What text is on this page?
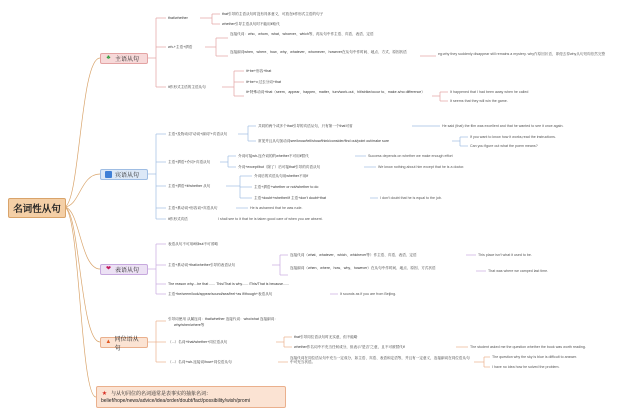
名词性从句
♣ 主语从句
宾语从句
❤ 表语从句
▲ 同位语从句
★ 与从句同位的名词通常是表事实的抽象名词：
belief/hope/news/advice/idea/order/doubt/fact/possibility/wish/promi
that/whether
that引导的主语从句时没有具体意义，可放在it作形式主语的句子
whether引导主语从句时不能用if取代
wh-+主语+谓语
连接代词：who、whom、what、whoever、which等，再从句中作主语、宾语、表语、定语
连接副词when、where、how、why、whatever、whomever、however在从句中作时间、地点、方式、原因状语	eg:why they suddenly disappear still remains a mystery. why作原因状语，即便去掉why从句短构依然完整
it作形式主语的主语从句
it+be+形容+that
it+be+v.过去分词+that
it+特殊动词+that（seem、appear、happen、matter、turn/work-out、hit/strike/occur to、make a/no difference）	It happened that I had been away when he called
It seems that they will win the game.
主语+及物动词"动词+副词"+宾语从句
共同的两个或多个that引导的宾语从句，只有第一个that可省	He said (that) the film was excellent and that he wanted to see it once again.
常见并且从句加动词see/know/tell/show/think/consider/find out/point out/make sure
If you want to know how it works,read the instructions.
Can you figure out what the poem means?
主语+谓语+介词+宾语从句
介词可接wh-连介词的的whether不可用if替代	Success depends on whether we make enough effort
介词+except/but（除了）后可接that引导的宾语从句	We know nothing about him except that he is a doctor.
主语+谓语+if/whether 从句
介词后的宾语从句用whether不用if
主语+谓语+whether or not/whether to do
主语+doubt+whether/if 主语+don't doubt+that	I don't doubt that he is equal to the job.
主语+系动词+形容词+宾语从句	He is ashamed that he was rude.
it作形式宾语	I shall see to it that he is taken good care of when you are absent.
表语从句不可用if和but不可省略
主语+系动词+that/whether引导的表语从句
连接代词（what、whatever、which、whichever等）作主语、宾语、表语、定语	This place isn't what it used to be.
连接副词（when、where、how、why、however）在从句中作时间、地点、原因、方式状语
That was where we camped last time.
The reason why....be that ...... This/That is why...... /This/That is because......
主语+be/seem/look/appear/sound/sea/feel+as if/though+表语从句	It sounds as if you are from Beijing.
引导词使用 从属连词：that/whether 连接代词：who/what 连接副词：
why/when/where等
（...）名词+that/whether+同位语从句
that引导同位语从句时无实意，但不能略
whether作名词中不充当任何成分，但表示"是否"之意，且不可被替代if	The student asked me the question whether the book was worth reading.
（...）名词+wh-连接词/how+同位语从句
连接代词在同位语从句中充当一定成分，如主语、宾语、表语和定语等，并且有一定意义，连接副词在同位语从句中可充当状语。
The question why the sky is blue is difficult to answer.
I have no idea how he solved the problem.
